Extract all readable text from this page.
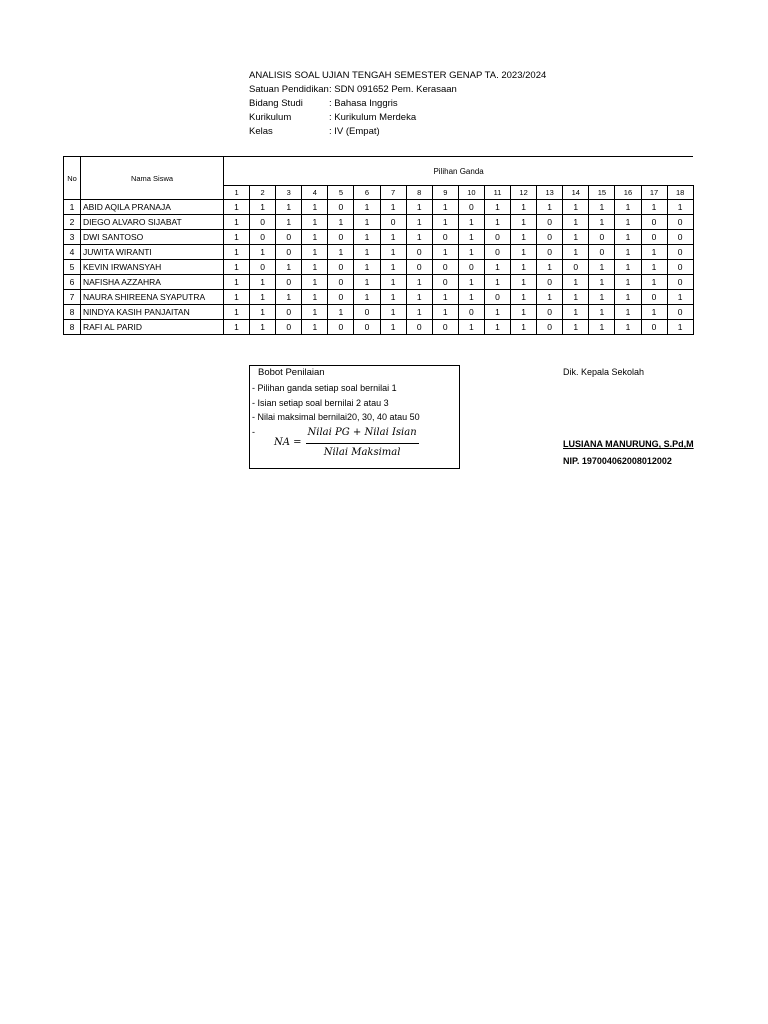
ANALISIS SOAL UJIAN TENGAH SEMESTER GENAP TA. 2023/2024
Satuan Pendidikan : SDN 091652 Pem. Kerasaan
Bidang Studi	: Bahasa Inggris
Kurikulum	: Kurikulum Merdeka
Kelas	: IV (Empat)
No	Nama Siswa	Pilihan Ganda																	
		1	2	3	4	5	6	7	8	9	10	11	12	13	14	15	16	17	18
1	ABID AQILA PRANAJA	1	1	1	1	0	1	1	1	1	0	1	1	1	1	1	1	1	1
2	DIEGO ALVARO SIJABAT	1	0	1	1	1	1	0	1	1	1	1	1	0	1	1	1	0	0
3	DWI SANTOSO	1	0	0	1	0	1	1	1	0	1	0	1	0	1	0	1	0	0
4	JUWITA WIRANTI	1	1	0	1	1	1	1	0	1	1	0	1	0	1	0	1	1	0
5	KEVIN IRWANSYAH	1	0	1	1	0	1	1	0	0	0	1	1	1	0	1	1	1	0
6	NAFISHA AZZAHRA	1	1	0	1	0	1	1	1	0	1	1	1	0	1	1	1	1	0
7	NAURA SHIREENA SYAPUTRA	1	1	1	1	0	1	1	1	1	1	0	1	1	1	1	1	0	1
8	NINDYA KASIH PANJAITAN	1	1	0	1	1	0	1	1	1	0	1	1	0	1	1	1	1	0
8	RAFI AL PARID	1	1	0	1	0	0	1	0	0	1	1	1	0	1	1	1	0	1
Bobot Penilaian
- Pilihan ganda setiap soal bernilai 1
- Isian setiap soal bernilai 2 atau 3
- Nilai maksimal bernilai20, 30, 40 atau 50
-
NA = $\frac{\text{Nilai PG + Nilai Isian}}{\text{Nilai Maksimal}}$
Dik. Kepala Sekolah
LUSIANA MANURUNG, S.Pd,M
NIP. 197004062008012002
